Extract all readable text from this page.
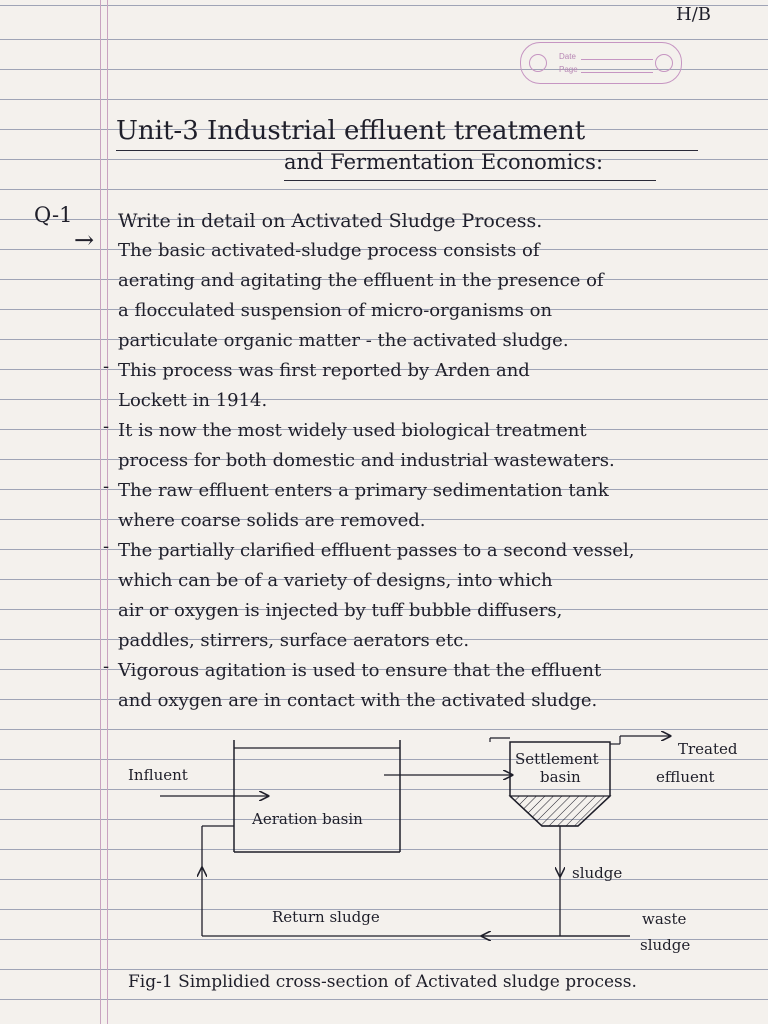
H/B
Date
Page
Unit-3 Industrial effluent treatment
and Fermentation Economics:
Q-1
→
Write in detail on Activated Sludge Process.
The basic activated-sludge process consists of
aerating and agitating the effluent in the presence of
a flocculated suspension of micro-organisms on
particulate organic matter - the activated sludge.
- This process was first reported by Arden and
Lockett in 1914.
- It is now the most widely used biological treatment
process for both domestic and industrial wastewaters.
- The raw effluent enters a primary sedimentation tank
where coarse solids are removed.
- The partially clarified effluent passes to a second vessel,
which can be of a variety of designs, into which
air or oxygen is injected by tuff bubble diffusers,
paddles, stirrers, surface aerators etc.
- Vigorous agitation is used to ensure that the effluent
and oxygen are in contact with the activated sludge.
Influent
Aeration basin
Settlement
basin
Treated
effluent
sludge
Return sludge	waste
sludge
Fig-1 Simplidied cross-section of Activated sludge process.
